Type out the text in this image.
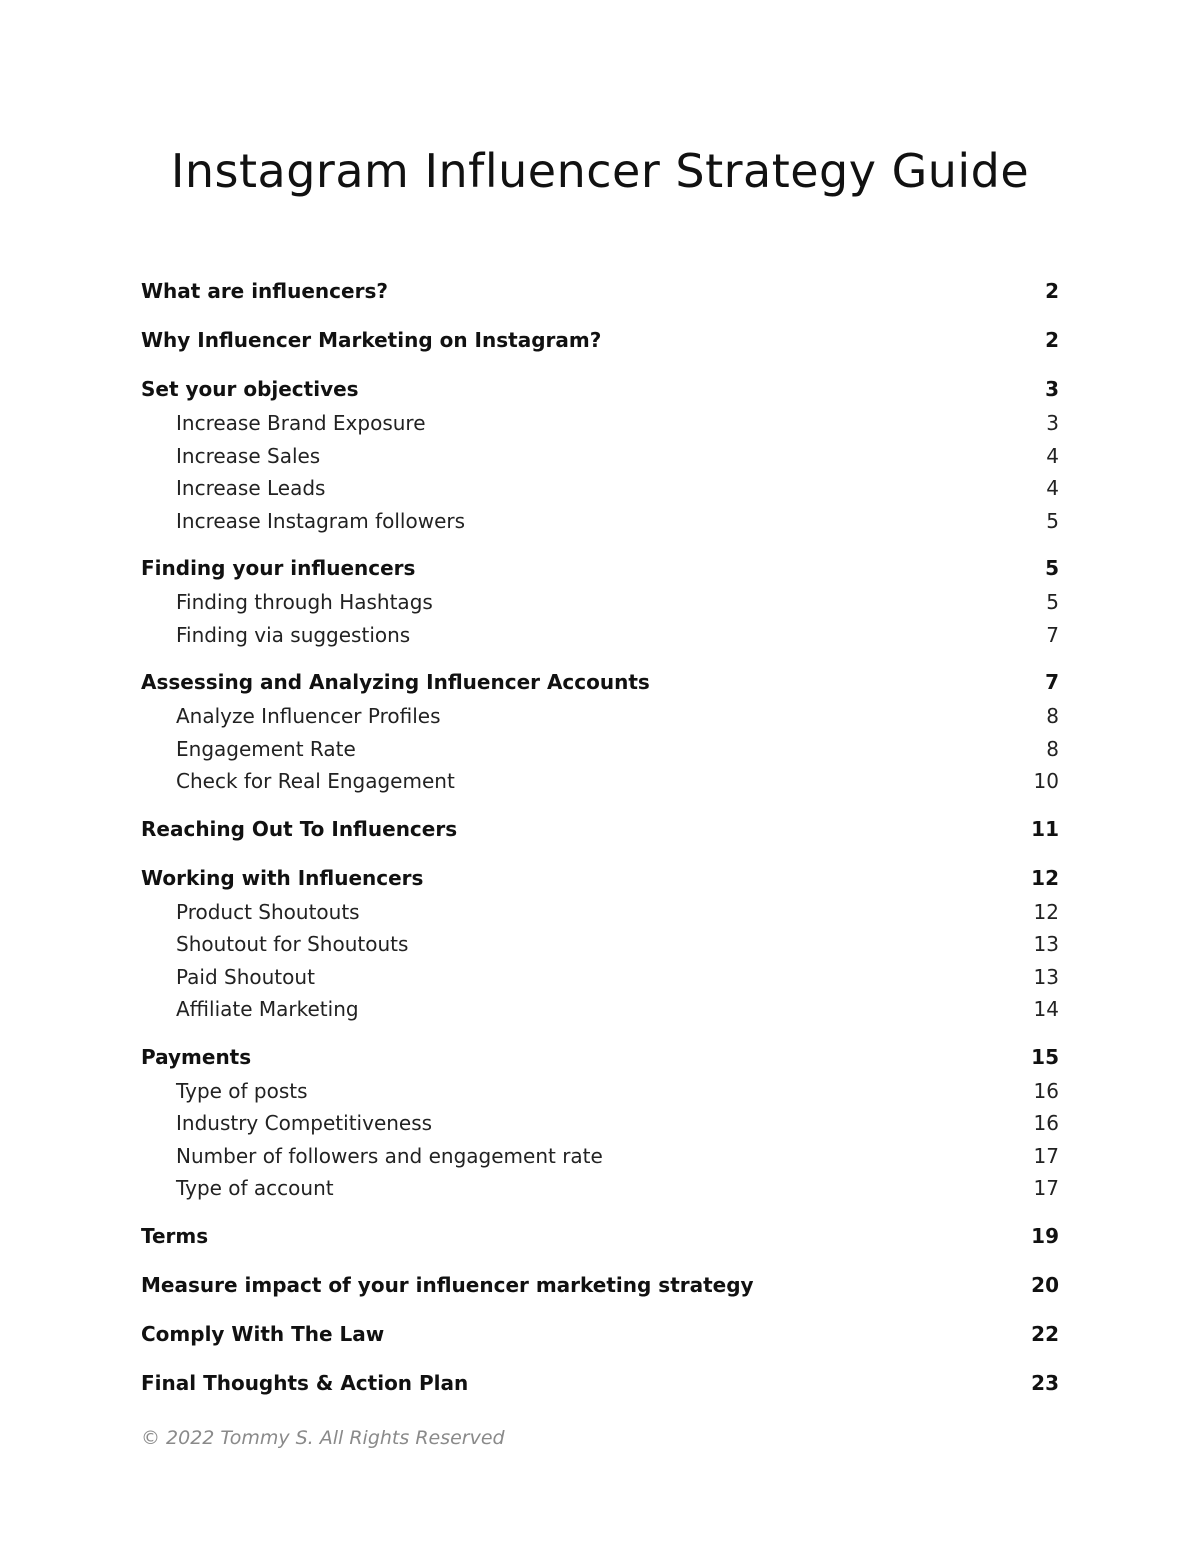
Instagram Influencer Strategy Guide
What are influencers?	2
Why Influencer Marketing on Instagram?	2
Set your objectives	3
Increase Brand Exposure	3
Increase Sales	4
Increase Leads	4
Increase Instagram followers	5
Finding your influencers	5
Finding through Hashtags	5
Finding via suggestions	7
Assessing and Analyzing Influencer Accounts	7
Analyze Influencer Profiles	8
Engagement Rate	8
Check for Real Engagement	10
Reaching Out To Influencers	11
Working with Influencers	12
Product Shoutouts	12
Shoutout for Shoutouts	13
Paid Shoutout	13
Affiliate Marketing	14
Payments	15
Type of posts	16
Industry Competitiveness	16
Number of followers and engagement rate	17
Type of account	17
Terms	19
Measure impact of your influencer marketing strategy	20
Comply With The Law	22
Final Thoughts & Action Plan	23
© 2022 Tommy S. All Rights Reserved
